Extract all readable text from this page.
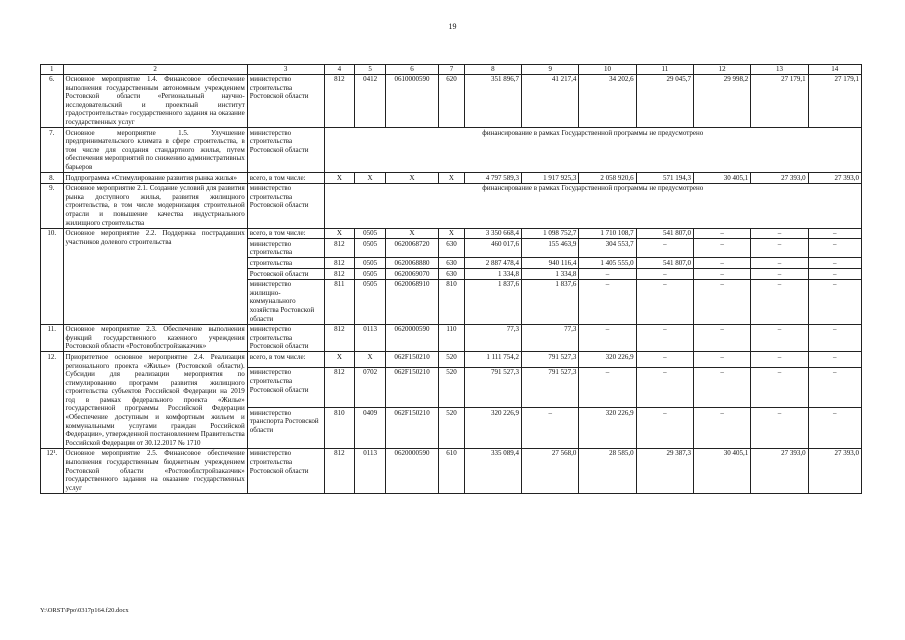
19
1	2	3	4	5	6	7	8	9	10	11	12	13	14
6.	Основное мероприятие 1.4. Финансовое обеспечение выполнения государственным автономным учреждением Ростовской области «Региональный научно-исследовательский и проектный институт градостроительства» государственного задания на оказание государственных услуг	министерство строительства Ростовской области	812	0412	0610000590	620	351 896,7	41 217,4	34 202,6	29 045,7	29 998,2	27 179,1	27 179,1
7.	Основное мероприятие 1.5. Улучшение предпринимательского климата в сфере строительства, в том числе для создания стандартного жилья, путем обеспечения мероприятий по снижению административных барьеров	министерство строительства Ростовской области	финансирование в рамках Государственной программы не предусмотрено										
8.	Подпрограмма «Стимулирование развития рынка жилья»	всего, в том числе:	X	X	X	X	4 797 589,3	1 917 925,3	2 058 920,6	571 194,3	30 405,1	27 393,0	27 393,0
9.	Основное мероприятие 2.1. Создание условий для развития рынка доступного жилья, развития жилищного строительства, в том числе модернизация строительной отрасли и повышение качества индустриального жилищного строительства	министерство строительства Ростовской области	финансирование в рамках Государственной программы не предусмотрено										
10.	Основное мероприятие 2.2. Поддержка пострадавших участников долевого строительства	всего, в том числе:	X	0505	X	X	3 350 668,4	1 098 752,7	1 710 108,7	541 807,0	–	–	–
		министерство строительства	812	0505	0620068720	630	460 017,6	155 463,9	304 553,7	–	–	–	–
		строительства	812	0505	0620068880	630	2 887 478,4	940 116,4	1 405 555,0	541 807,0	–	–	–
		Ростовской области	812	0505	0620069070	630	1 334,8	1 334,8	–	–	–	–	–
		министерство жилищно-коммунального хозяйства Ростовской области	811	0505	0620068910	810	1 837,6	1 837,6	–	–	–	–	–
11.	Основное мероприятие 2.3. Обеспечение выполнения функций государственного казенного учреждения Ростовской области «Ростовоблстройзаказчик»	министерство строительства Ростовской области	812	0113	0620000590	110	77,3	77,3	–	–	–	–	–
12.	Приоритетное основное мероприятие 2.4. Реализация регионального проекта «Жилье» (Ростовской области). Субсидии для реализации мероприятия по стимулированию программ развития жилищного строительства субъектов Российской Федерации на 2019 год в рамках федерального проекта «Жилье» государственной программы Российской Федерации «Обеспечение доступным и комфортным жильем и коммунальными услугами граждан Российской Федерации», утвержденной постановлением Правительства Российской Федерации от 30.12.2017 № 1710	всего, в том числе:	X	X	062F150210	520	1 111 754,2	791 527,3	320 226,9	–	–	–	–
		министерство строительства Ростовской области	812	0702	062F150210	520	791 527,3	791 527,3	–	–	–	–	–
		министерство транспорта Ростовской области	810	0409	062F150210	520	320 226,9	–	320 226,9	–	–	–	–
12¹.	Основное мероприятие 2.5. Финансовое обеспечение выполнения государственным бюджетным учреждением Ростовской области «Ростовоблстройзаказчик» государственного задания на оказание государственных услуг	министерство строительства Ростовской области	812	0113	0620000590	610	335 089,4	27 568,0	28 585,0	29 387,3	30 405,1	27 393,0	27 393,0
Y:\ORST\Ppo\0317p164.f20.docx
